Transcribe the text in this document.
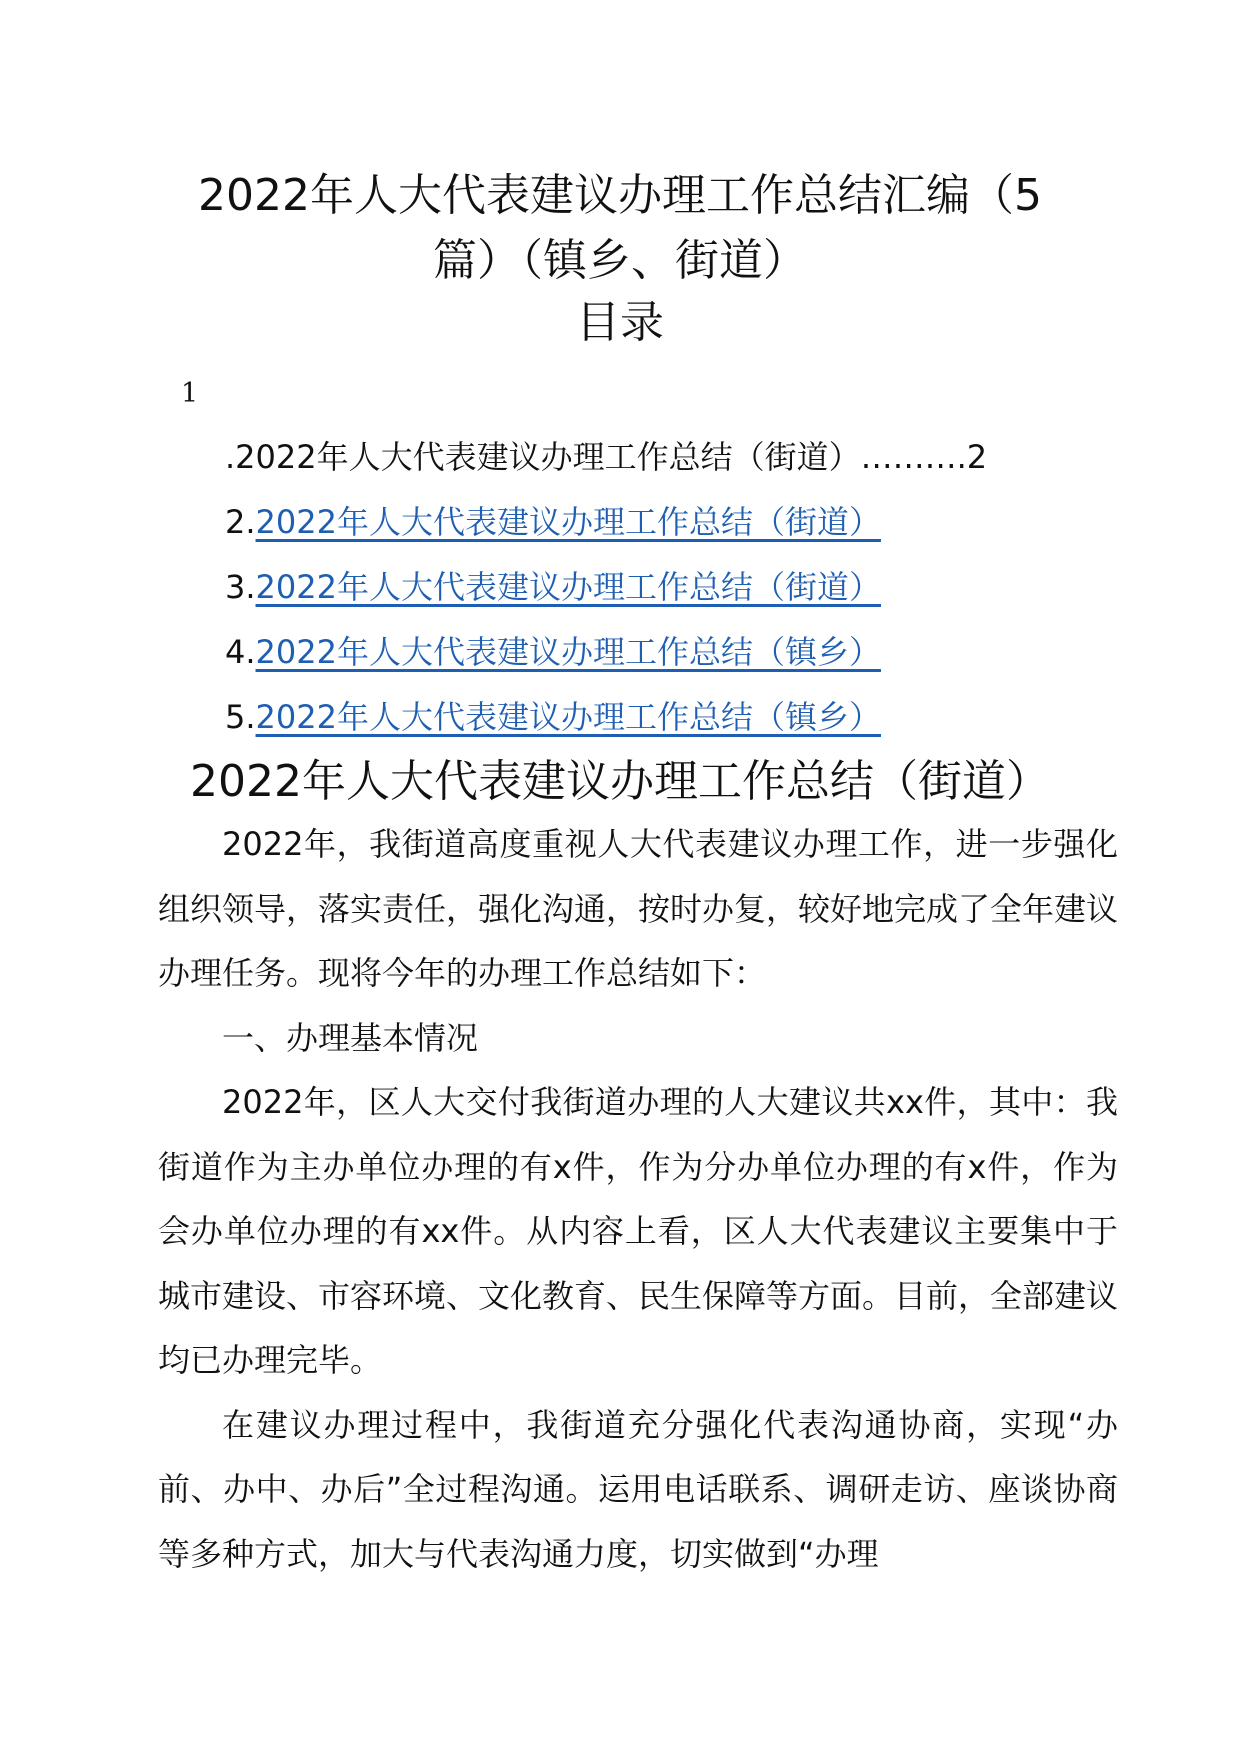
2022年人大代表建议办理工作总结汇编（5
篇）（镇乡、街道）
目录
1
.2022年人大代表建议办理工作总结（街道）……….2
2.2022年人大代表建议办理工作总结（街道）
3.2022年人大代表建议办理工作总结（街道）
4.2022年人大代表建议办理工作总结（镇乡）
5.2022年人大代表建议办理工作总结（镇乡）
2022年人大代表建议办理工作总结（街道）

2022年，我街道高度重视人大代表建议办理工作，进一步强化组织领导，落实责任，强化沟通，按时办复，较好地完成了全年建议办理任务。现将今年的办理工作总结如下：

一、办理基本情况

2022年，区人大交付我街道办理的人大建议共xx件，其中：我街道作为主办单位办理的有x件，作为分办单位办理的有x件，作为会办单位办理的有xx件。从内容上看，区人大代表建议主要集中于城市建设、市容环境、文化教育、民生保障等方面。目前，全部建议均已办理完毕。

在建议办理过程中，我街道充分强化代表沟通协商，实现“办前、办中、办后”全过程沟通。运用电话联系、调研走访、座谈协商等多种方式，加大与代表沟通力度，切实做到“办理
